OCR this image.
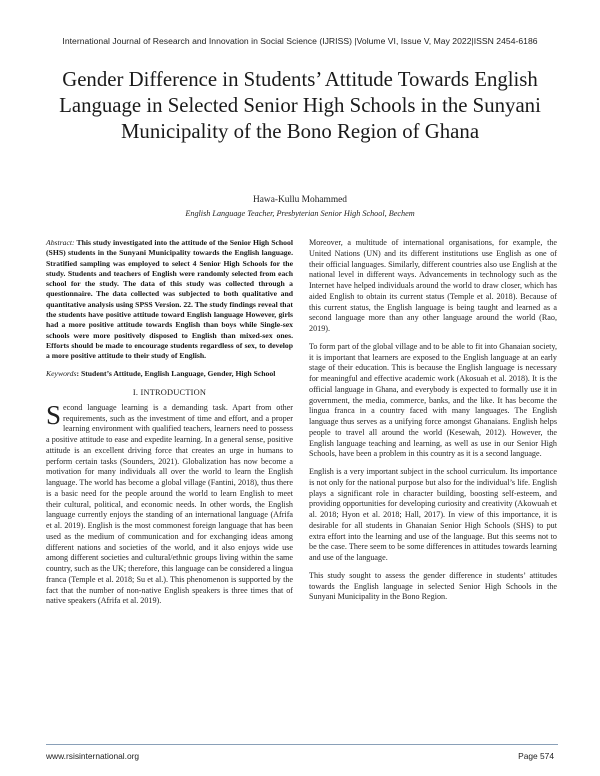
International Journal of Research and Innovation in Social Science (IJRISS) |Volume VI, Issue V, May 2022|ISSN 2454-6186
Gender Difference in Students’ Attitude Towards English Language in Selected Senior High Schools in the Sunyani Municipality of the Bono Region of Ghana
Hawa-Kullu Mohammed
English Language Teacher, Presbyterian Senior High School, Bechem

Abstract: This study investigated into the attitude of the Senior High School (SHS) students in the Sunyani Municipality towards the English language. Stratified sampling was employed to select 4 Senior High Schools for the study. Students and teachers of English were randomly selected from each school for the study. The data of this study was collected through a questionnaire. The data collected was subjected to both qualitative and quantitative analysis using SPSS Version. 22. The study findings reveal that the students have positive attitude toward English language However, girls had a more positive attitude towards English than boys while Single-sex schools were more positively disposed to English than mixed-sex ones. Efforts should be made to encourage students regardless of sex, to develop a more positive attitude to their study of English.

Keywords: Student’s Attitude, English Language, Gender, High School

I. INTRODUCTION

Second language learning is a demanding task. Apart from other requirements, such as the investment of time and effort, and a proper learning environment with qualified teachers, learners need to possess a positive attitude to ease and expedite learning. In a general sense, positive attitude is an excellent driving force that creates an urge in humans to perform certain tasks (Sounders, 2021). Globalization has now become a motivation for many individuals all over the world to learn the English language. The world has become a global village (Fantini, 2018), thus there is a basic need for the people around the world to learn English to meet their cultural, political, and economic needs. In other words, the English language currently enjoys the standing of an international language (Afrifa et al. 2019). English is the most commonest foreign language that has been used as the medium of communication and for exchanging ideas among different nations and societies of the world, and it also enjoys wide use among different societies and cultural/ethnic groups living within the same country, such as the UK; therefore, this language can be considered a lingua franca (Temple et al. 2018; Su et al.). This phenomenon is supported by the fact that the number of non-native English speakers is three times that of native speakers (Afrifa et al. 2019).

Moreover, a multitude of international organisations, for example, the United Nations (UN) and its different institutions use English as one of their official languages. Similarly, different countries also use English at the national level in different ways. Advancements in technology such as the Internet have helped individuals around the world to draw closer, which has aided English to obtain its current status (Temple et al. 2018). Because of this current status, the English language is being taught and learned as a second language more than any other language around the world (Rao, 2019).

To form part of the global village and to be able to fit into Ghanaian society, it is important that learners are exposed to the English language at an early stage of their education. This is because the English language is necessary for meaningful and effective academic work (Akosuah et al. 2018). It is the official language in Ghana, and everybody is expected to formally use it in government, the media, commerce, banks, and the like. It has become the lingua franca in a country faced with many languages. The English language thus serves as a unifying force amongst Ghanaians. English helps people to travel all around the world (Kesewah, 2012). However, the English language teaching and learning, as well as use in our Senior High Schools, have been a problem in this country as it is a second language.

English is a very important subject in the school curriculum. Its importance is not only for the national purpose but also for the individual’s life. English plays a significant role in character building, boosting self-esteem, and providing opportunities for developing curiosity and creativity (Akowuah et al. 2018; Hyon et al. 2018; Hall, 2017). In view of this importance, it is desirable for all students in Ghanaian Senior High Schools (SHS) to put extra effort into the learning and use of the language. But this seems not to be the case. There seem to be some differences in attitudes towards learning and use of the language.

This study sought to assess the gender difference in students’ attitudes towards the English language in selected Senior High Schools in the Sunyani Municipality in the Bono Region.

www.rsisinternational.org	Page 574
